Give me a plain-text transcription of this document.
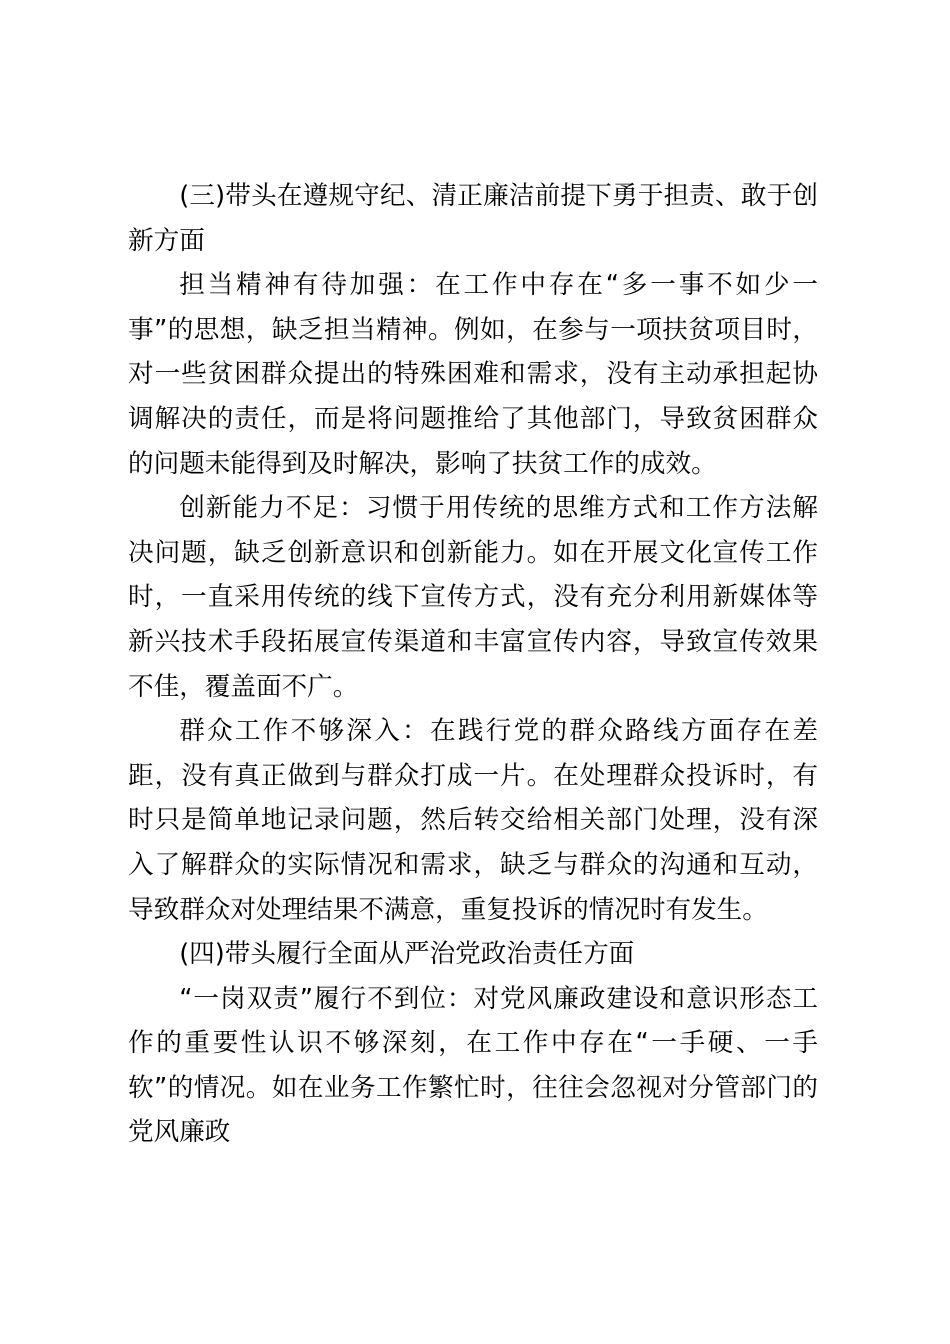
(三)带头在遵规守纪、清正廉洁前提下勇于担责、敢于创新方面

担当精神有待加强：在工作中存在“多一事不如少一事”的思想，缺乏担当精神。例如，在参与一项扶贫项目时，对一些贫困群众提出的特殊困难和需求，没有主动承担起协调解决的责任，而是将问题推给了其他部门，导致贫困群众的问题未能得到及时解决，影响了扶贫工作的成效。

创新能力不足：习惯于用传统的思维方式和工作方法解决问题，缺乏创新意识和创新能力。如在开展文化宣传工作时，一直采用传统的线下宣传方式，没有充分利用新媒体等新兴技术手段拓展宣传渠道和丰富宣传内容，导致宣传效果不佳，覆盖面不广。

群众工作不够深入：在践行党的群众路线方面存在差距，没有真正做到与群众打成一片。在处理群众投诉时，有时只是简单地记录问题，然后转交给相关部门处理，没有深入了解群众的实际情况和需求，缺乏与群众的沟通和互动，导致群众对处理结果不满意，重复投诉的情况时有发生。

(四)带头履行全面从严治党政治责任方面

“一岗双责”履行不到位：对党风廉政建设和意识形态工作的重要性认识不够深刻，在工作中存在“一手硬、一手软”的情况。如在业务工作繁忙时，往往会忽视对分管部门的党风廉政
